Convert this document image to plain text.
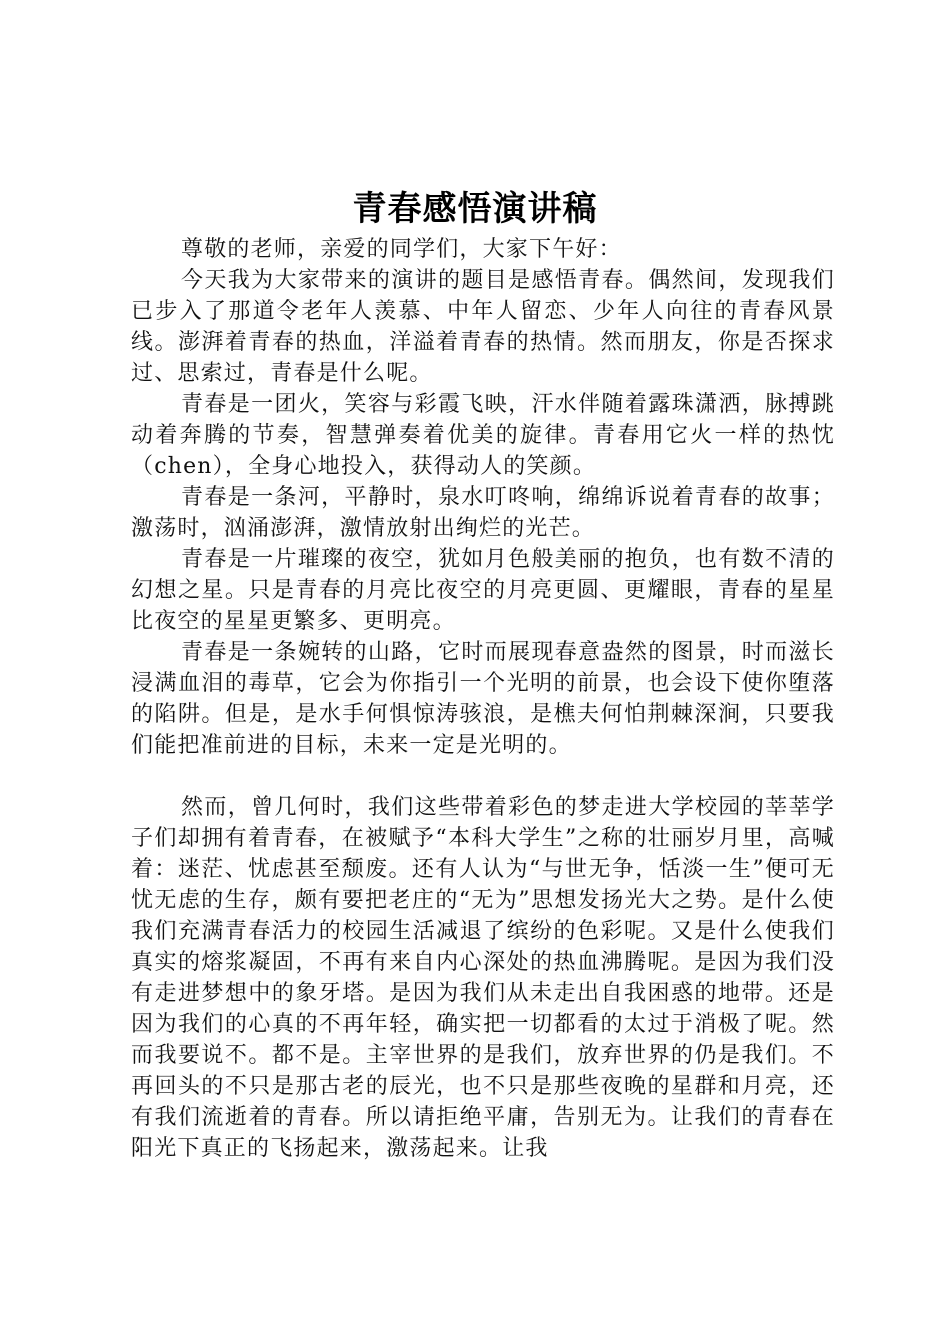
青春感悟演讲稿

尊敬的老师，亲爱的同学们，大家下午好：

今天我为大家带来的演讲的题目是感悟青春。偶然间，发现我们已步入了那道令老年人羡慕、中年人留恋、少年人向往的青春风景线。澎湃着青春的热血，洋溢着青春的热情。然而朋友，你是否探求过、思索过，青春是什么呢。

青春是一团火，笑容与彩霞飞映，汗水伴随着露珠潇洒，脉搏跳动着奔腾的节奏，智慧弹奏着优美的旋律。青春用它火一样的热忱（chen），全身心地投入，获得动人的笑颜。

青春是一条河，平静时，泉水叮咚响，绵绵诉说着青春的故事；激荡时，汹涌澎湃，激情放射出绚烂的光芒。

青春是一片璀璨的夜空，犹如月色般美丽的抱负，也有数不清的幻想之星。只是青春的月亮比夜空的月亮更圆、更耀眼，青春的星星比夜空的星星更繁多、更明亮。

青春是一条婉转的山路，它时而展现春意盎然的图景，时而滋长浸满血泪的毒草，它会为你指引一个光明的前景，也会设下使你堕落的陷阱。但是，是水手何惧惊涛骇浪，是樵夫何怕荆棘深涧，只要我们能把准前进的目标，未来一定是光明的。

然而，曾几何时，我们这些带着彩色的梦走进大学校园的莘莘学子们却拥有着青春，在被赋予“本科大学生”之称的壮丽岁月里，高喊着：迷茫、忧虑甚至颓废。还有人认为“与世无争，恬淡一生”便可无忧无虑的生存，颇有要把老庄的“无为”思想发扬光大之势。是什么使我们充满青春活力的校园生活减退了缤纷的色彩呢。又是什么使我们真实的熔浆凝固，不再有来自内心深处的热血沸腾呢。是因为我们没有走进梦想中的象牙塔。是因为我们从未走出自我困惑的地带。还是因为我们的心真的不再年轻，确实把一切都看的太过于消极了呢。然而我要说不。都不是。主宰世界的是我们，放弃世界的仍是我们。不再回头的不只是那古老的辰光，也不只是那些夜晚的星群和月亮，还有我们流逝着的青春。所以请拒绝平庸，告别无为。让我们的青春在阳光下真正的飞扬起来，激荡起来。让我
